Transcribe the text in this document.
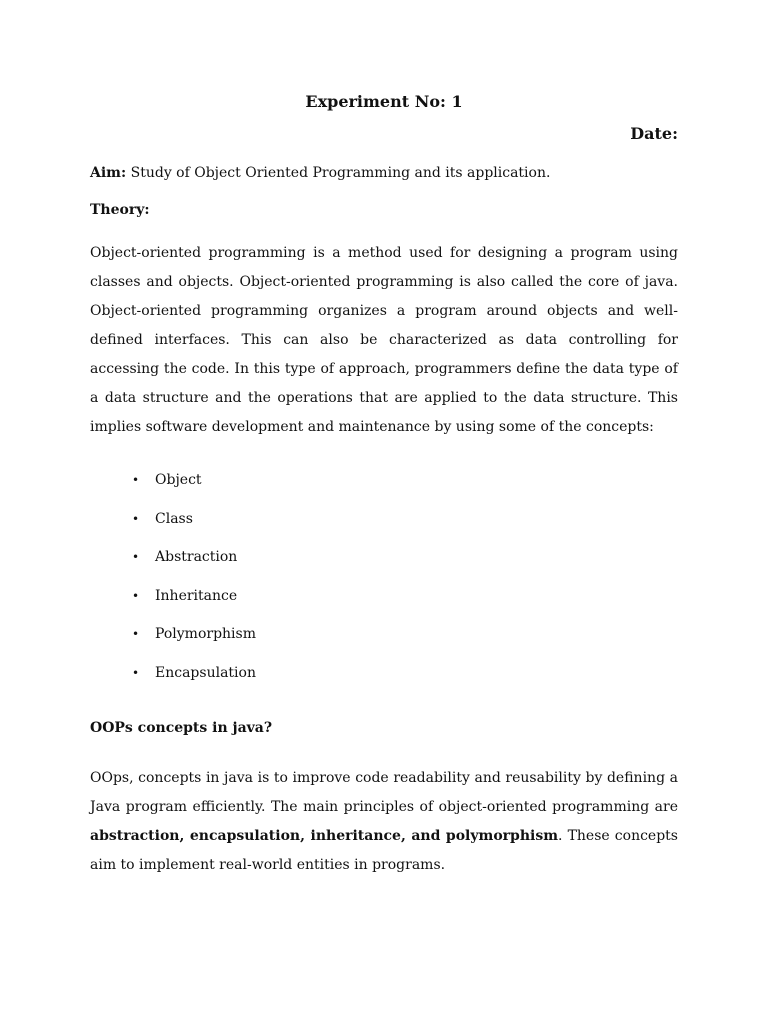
Experiment No: 1

Date:

Aim: Study of Object Oriented Programming and its application.

Theory:

Object-oriented programming is a method used for designing a program using classes and objects. Object-oriented programming is also called the core of java. Object-oriented programming organizes a program around objects and well-defined interfaces. This can also be characterized as data controlling for accessing the code. In this type of approach, programmers define the data type of a data structure and the operations that are applied to the data structure. This implies software development and maintenance by using some of the concepts:

• Object
• Class
• Abstraction
• Inheritance
• Polymorphism
• Encapsulation

OOPs concepts in java?

OOps, concepts in java is to improve code readability and reusability by defining a Java program efficiently. The main principles of object-oriented programming are abstraction, encapsulation, inheritance, and polymorphism. These concepts aim to implement real-world entities in programs.
